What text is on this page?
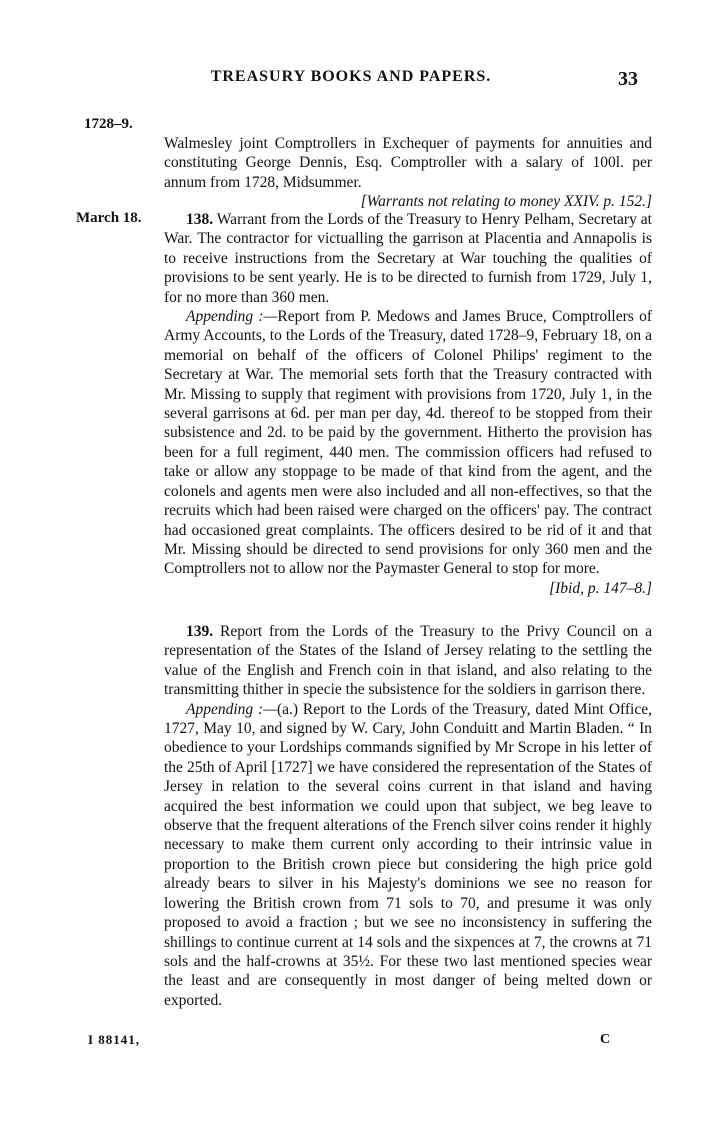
TREASURY BOOKS AND PAPERS.	33
1728–9.

Walmesley joint Comptrollers in Exchequer of payments for annuities and constituting George Dennis, Esq. Comptroller with a salary of 100l. per annum from 1728, Midsummer.

[Warrants not relating to money XXIV. p. 152.]
March 18.	138. Warrant from the Lords of the Treasury to Henry Pelham, Secretary at War. The contractor for victualling the garrison at Placentia and Annapolis is to receive instructions from the Secretary at War touching the qualities of provisions to be sent yearly. He is to be directed to furnish from 1729, July 1, for no more than 360 men.

Appending :—Report from P. Medows and James Bruce, Comptrollers of Army Accounts, to the Lords of the Treasury, dated 1728–9, February 18, on a memorial on behalf of the officers of Colonel Philips' regiment to the Secretary at War. The memorial sets forth that the Treasury contracted with Mr. Missing to supply that regiment with provisions from 1720, July 1, in the several garrisons at 6d. per man per day, 4d. thereof to be stopped from their subsistence and 2d. to be paid by the government. Hitherto the provision has been for a full regiment, 440 men. The commission officers had refused to take or allow any stoppage to be made of that kind from the agent, and the colonels and agents men were also included and all non-effectives, so that the recruits which had been raised were charged on the officers' pay. The contract had occasioned great complaints. The officers desired to be rid of it and that Mr. Missing should be directed to send provisions for only 360 men and the Comptrollers not to allow nor the Paymaster General to stop for more.
[Ibid, p. 147–8.]

139. Report from the Lords of the Treasury to the Privy Council on a representation of the States of the Island of Jersey relating to the settling the value of the English and French coin in that island, and also relating to the transmitting thither in specie the subsistence for the soldiers in garrison there.

Appending :—(a.) Report to the Lords of the Treasury, dated Mint Office, 1727, May 10, and signed by W. Cary, John Conduitt and Martin Bladen. “ In obedience to your Lordships commands signified by Mr Scrope in his letter of the 25th of April [1727] we have considered the representation of the States of Jersey in relation to the several coins current in that island and having acquired the best information we could upon that subject, we beg leave to observe that the frequent alterations of the French silver coins render it highly necessary to make them current only according to their intrinsic value in proportion to the British crown piece but considering the high price gold already bears to silver in his Majesty's dominions we see no reason for lowering the British crown from 71 sols to 70, and presume it was only proposed to avoid a fraction ; but we see no inconsistency in suffering the shillings to continue current at 14 sols and the sixpences at 7, the crowns at 71 sols and the half-crowns at 35½. For these two last mentioned species wear the least and are consequently in most danger of being melted down or exported.

I 88141,	C
